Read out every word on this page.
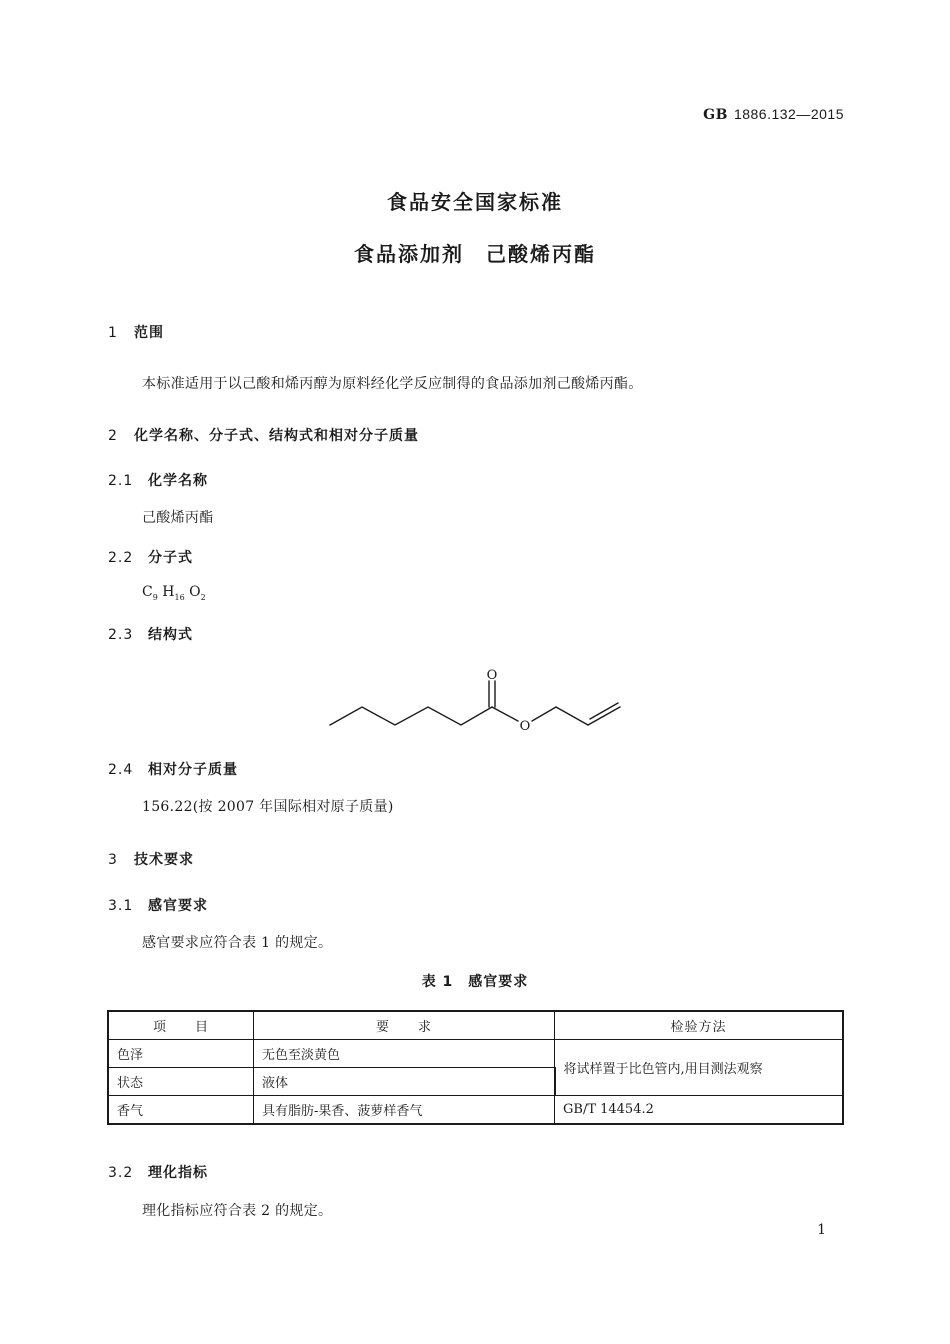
GB 1886.132—2015
食品安全国家标准
食品添加剂　己酸烯丙酯
1 范围
本标准适用于以己酸和烯丙醇为原料经化学反应制得的食品添加剂己酸烯丙酯。
2 化学名称、分子式、结构式和相对分子质量
2.1 化学名称
己酸烯丙酯
2.2 分子式
$C_9$ $H_{16}$ $O_2$
2.3 结构式
O
O
2.4 相对分子质量
156.22(按 2007 年国际相对原子质量)
3 技术要求
3.1 感官要求
感官要求应符合表 1 的规定。
表 1　感官要求
项　　目	要　　求	检验方法
色泽	无色至淡黄色	将试样置于比色管内,用目测法观察
状态	液体	
香气	具有脂肪-果香、菠萝样香气	GB/T 14454.2
3.2 理化指标
理化指标应符合表 2 的规定。
1
